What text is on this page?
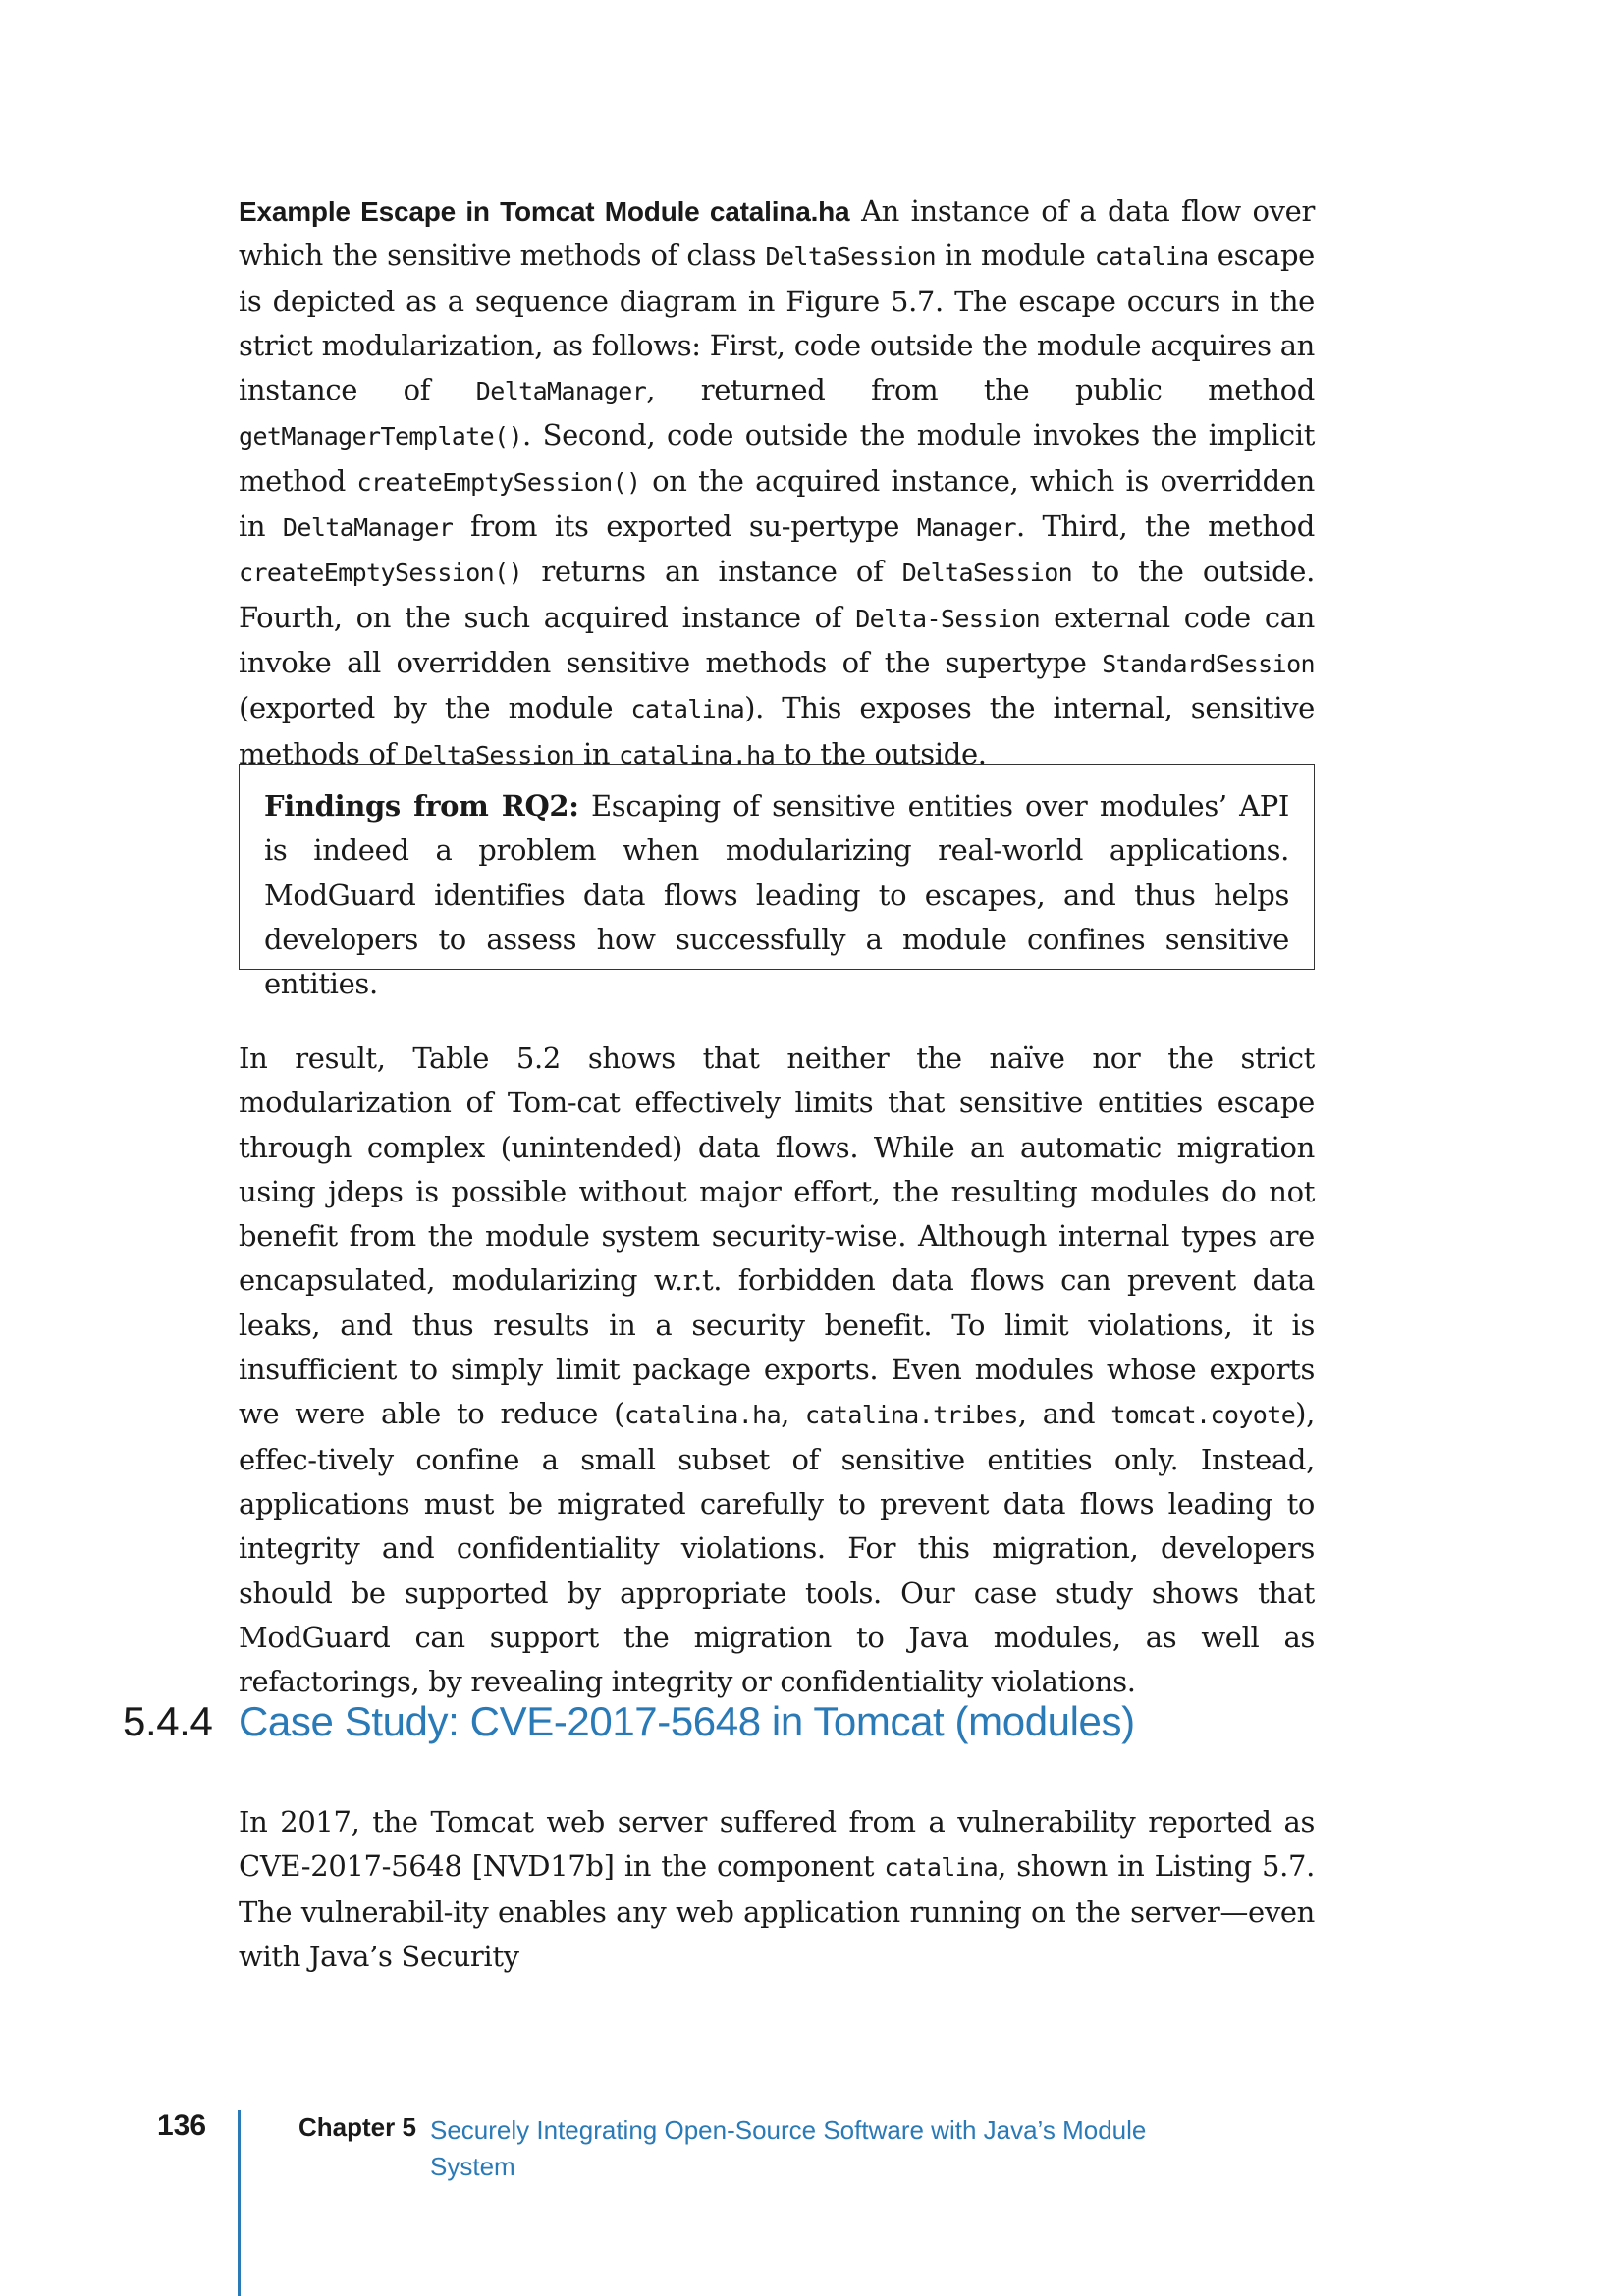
Example Escape in Tomcat Module catalina.ha An instance of a data flow over which the sensitive methods of class DeltaSession in module catalina escape is depicted as a sequence diagram in Figure 5.7. The escape occurs in the strict modularization, as follows: First, code outside the module acquires an instance of DeltaManager, returned from the public method getManagerTemplate(). Second, code outside the module invokes the implicit method createEmptySession() on the acquired instance, which is overridden in DeltaManager from its exported su-pertype Manager. Third, the method createEmptySession() returns an instance of DeltaSession to the outside. Fourth, on the such acquired instance of Delta-Session external code can invoke all overridden sensitive methods of the supertype StandardSession (exported by the module catalina). This exposes the internal, sensitive methods of DeltaSession in catalina.ha to the outside.
Findings from RQ2: Escaping of sensitive entities over modules’ API is indeed a problem when modularizing real-world applications. ModGuard identifies data flows leading to escapes, and thus helps developers to assess how successfully a module confines sensitive entities.
In result, Table 5.2 shows that neither the naïve nor the strict modularization of Tom-cat effectively limits that sensitive entities escape through complex (unintended) data flows. While an automatic migration using jdeps is possible without major effort, the resulting modules do not benefit from the module system security-wise. Although internal types are encapsulated, modularizing w.r.t. forbidden data flows can prevent data leaks, and thus results in a security benefit. To limit violations, it is insufficient to simply limit package exports. Even modules whose exports we were able to reduce (catalina.ha, catalina.tribes, and tomcat.coyote), effec-tively confine a small subset of sensitive entities only. Instead, applications must be migrated carefully to prevent data flows leading to integrity and confidentiality violations. For this migration, developers should be supported by appropriate tools. Our case study shows that ModGuard can support the migration to Java modules, as well as refactorings, by revealing integrity or confidentiality violations.
5.4.4 Case Study: CVE-2017-5648 in Tomcat (modules)
In 2017, the Tomcat web server suffered from a vulnerability reported as CVE-2017-5648 [NVD17b] in the component catalina, shown in Listing 5.7. The vulnerabil-ity enables any web application running on the server—even with Java’s Security
136	Chapter 5 Securely Integrating Open-Source Software with Java’s Module System
